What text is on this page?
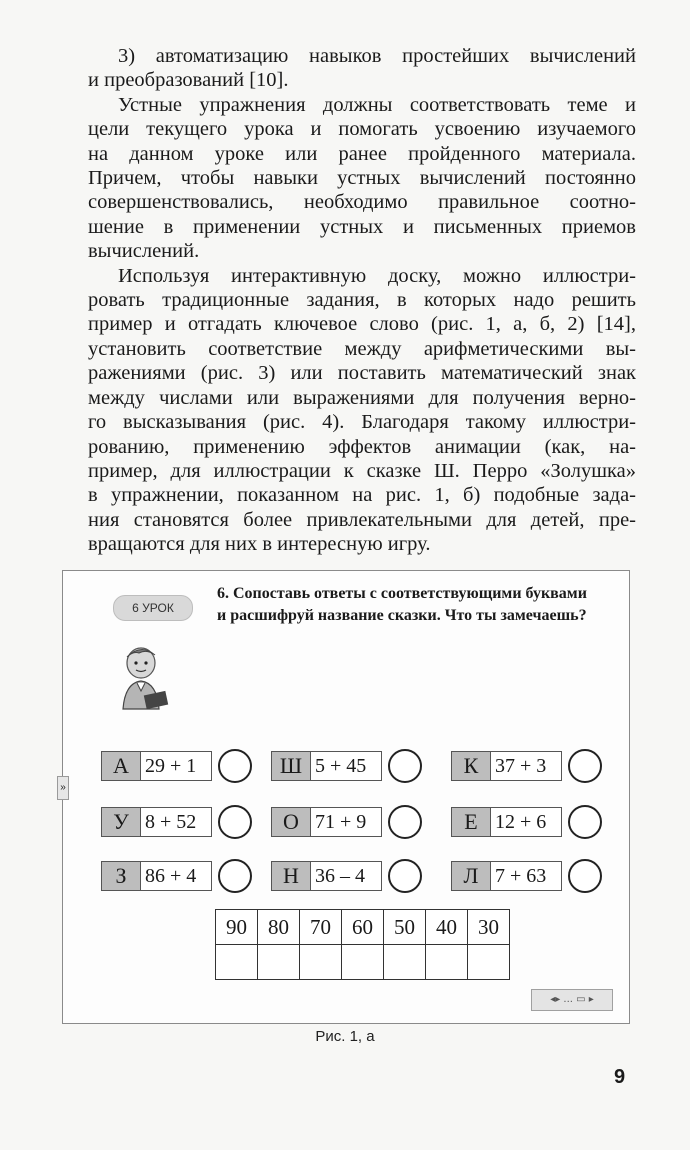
3) автоматизацию навыков простейших вычислений
и преобразований [10].

Устные упражнения должны соответствовать теме и
цели текущего урока и помогать усвоению изучаемого
на данном уроке или ранее пройденного материала.
Причем, чтобы навыки устных вычислений постоянно
совершенствовались, необходимо правильное соотно-
шение в применении устных и письменных приемов
вычислений.

Используя интерактивную доску, можно иллюстри-
ровать традиционные задания, в которых надо решить
пример и отгадать ключевое слово (рис. 1, а, б, 2) [14],
установить соответствие между арифметическими вы-
ражениями (рис. 3) или поставить математический знак
между числами или выражениями для получения верно-
го высказывания (рис. 4). Благодаря такому иллюстри-
рованию, применению эффектов анимации (как, на-
пример, для иллюстрации к сказке Ш. Перро «Золушка»
в упражнении, показанном на рис. 1, б) подобные зада-
ния становятся более привлекательными для детей, пре-
вращаются для них в интересную игру.

»
6 УРОК
6. Сопоставь ответы с соответствующими буквами
и расшифруй название сказки. Что ты замечаешь?
А 29 + 1	Ш 5 + 45	К 37 + 3
У 8 + 52	О 71 + 9	Е 12 + 6
З 86 + 4	Н 36 – 4	Л 7 + 63
90	80	70	60	50	40	30

◂▸ ... ▭ ▸
Рис. 1, а
9
